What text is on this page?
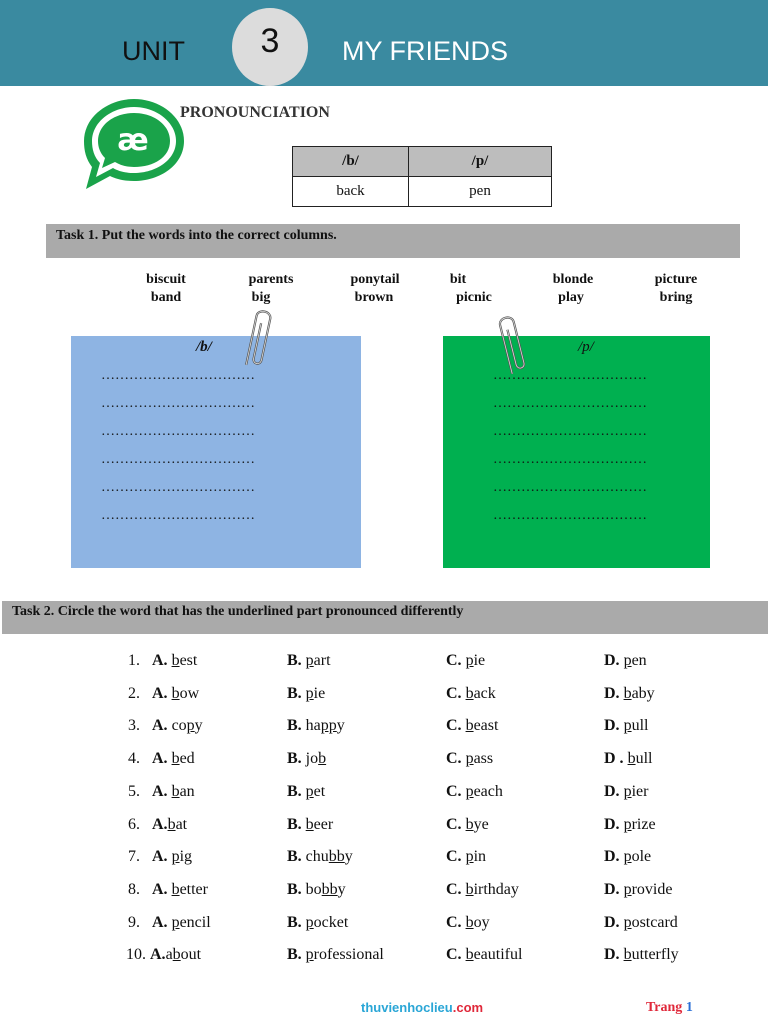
UNIT 3 MY FRIENDS
æ
PRONOUNCIATION
/b/	/p/
back	pen
Task 1. Put the words into the correct columns.
biscuit	parents	ponytail	bit	blonde	picture
band	big	brown	picnic	play	bring
/b/
……………………………
……………………………
……………………………
……………………………
……………………………
……………………………
/p/
……………………………
……………………………
……………………………
……………………………
……………………………
……………………………
Task 2. Circle the word that has the underlined part pronounced differently
1. A. best	B. part	C. pie	D. pen
2. A. bow	B. pie	C. back	D. baby
3. A. copy	B. happy	C. beast	D. pull
4. A. bed	B. job	C. pass	D . bull
5. A. ban	B. pet	C. peach	D. pier
6. A.bat	B. beer	C. bye	D. prize
7. A. pig	B. chubby	C. pin	D. pole
8. A. better	B. bobby	C. birthday	D. provide
9. A. pencil	B. pocket	C. boy	D. postcard
10. A.about	B. professional	C. beautiful	D. butterfly
thuvienhoclieu.com	Trang 1
